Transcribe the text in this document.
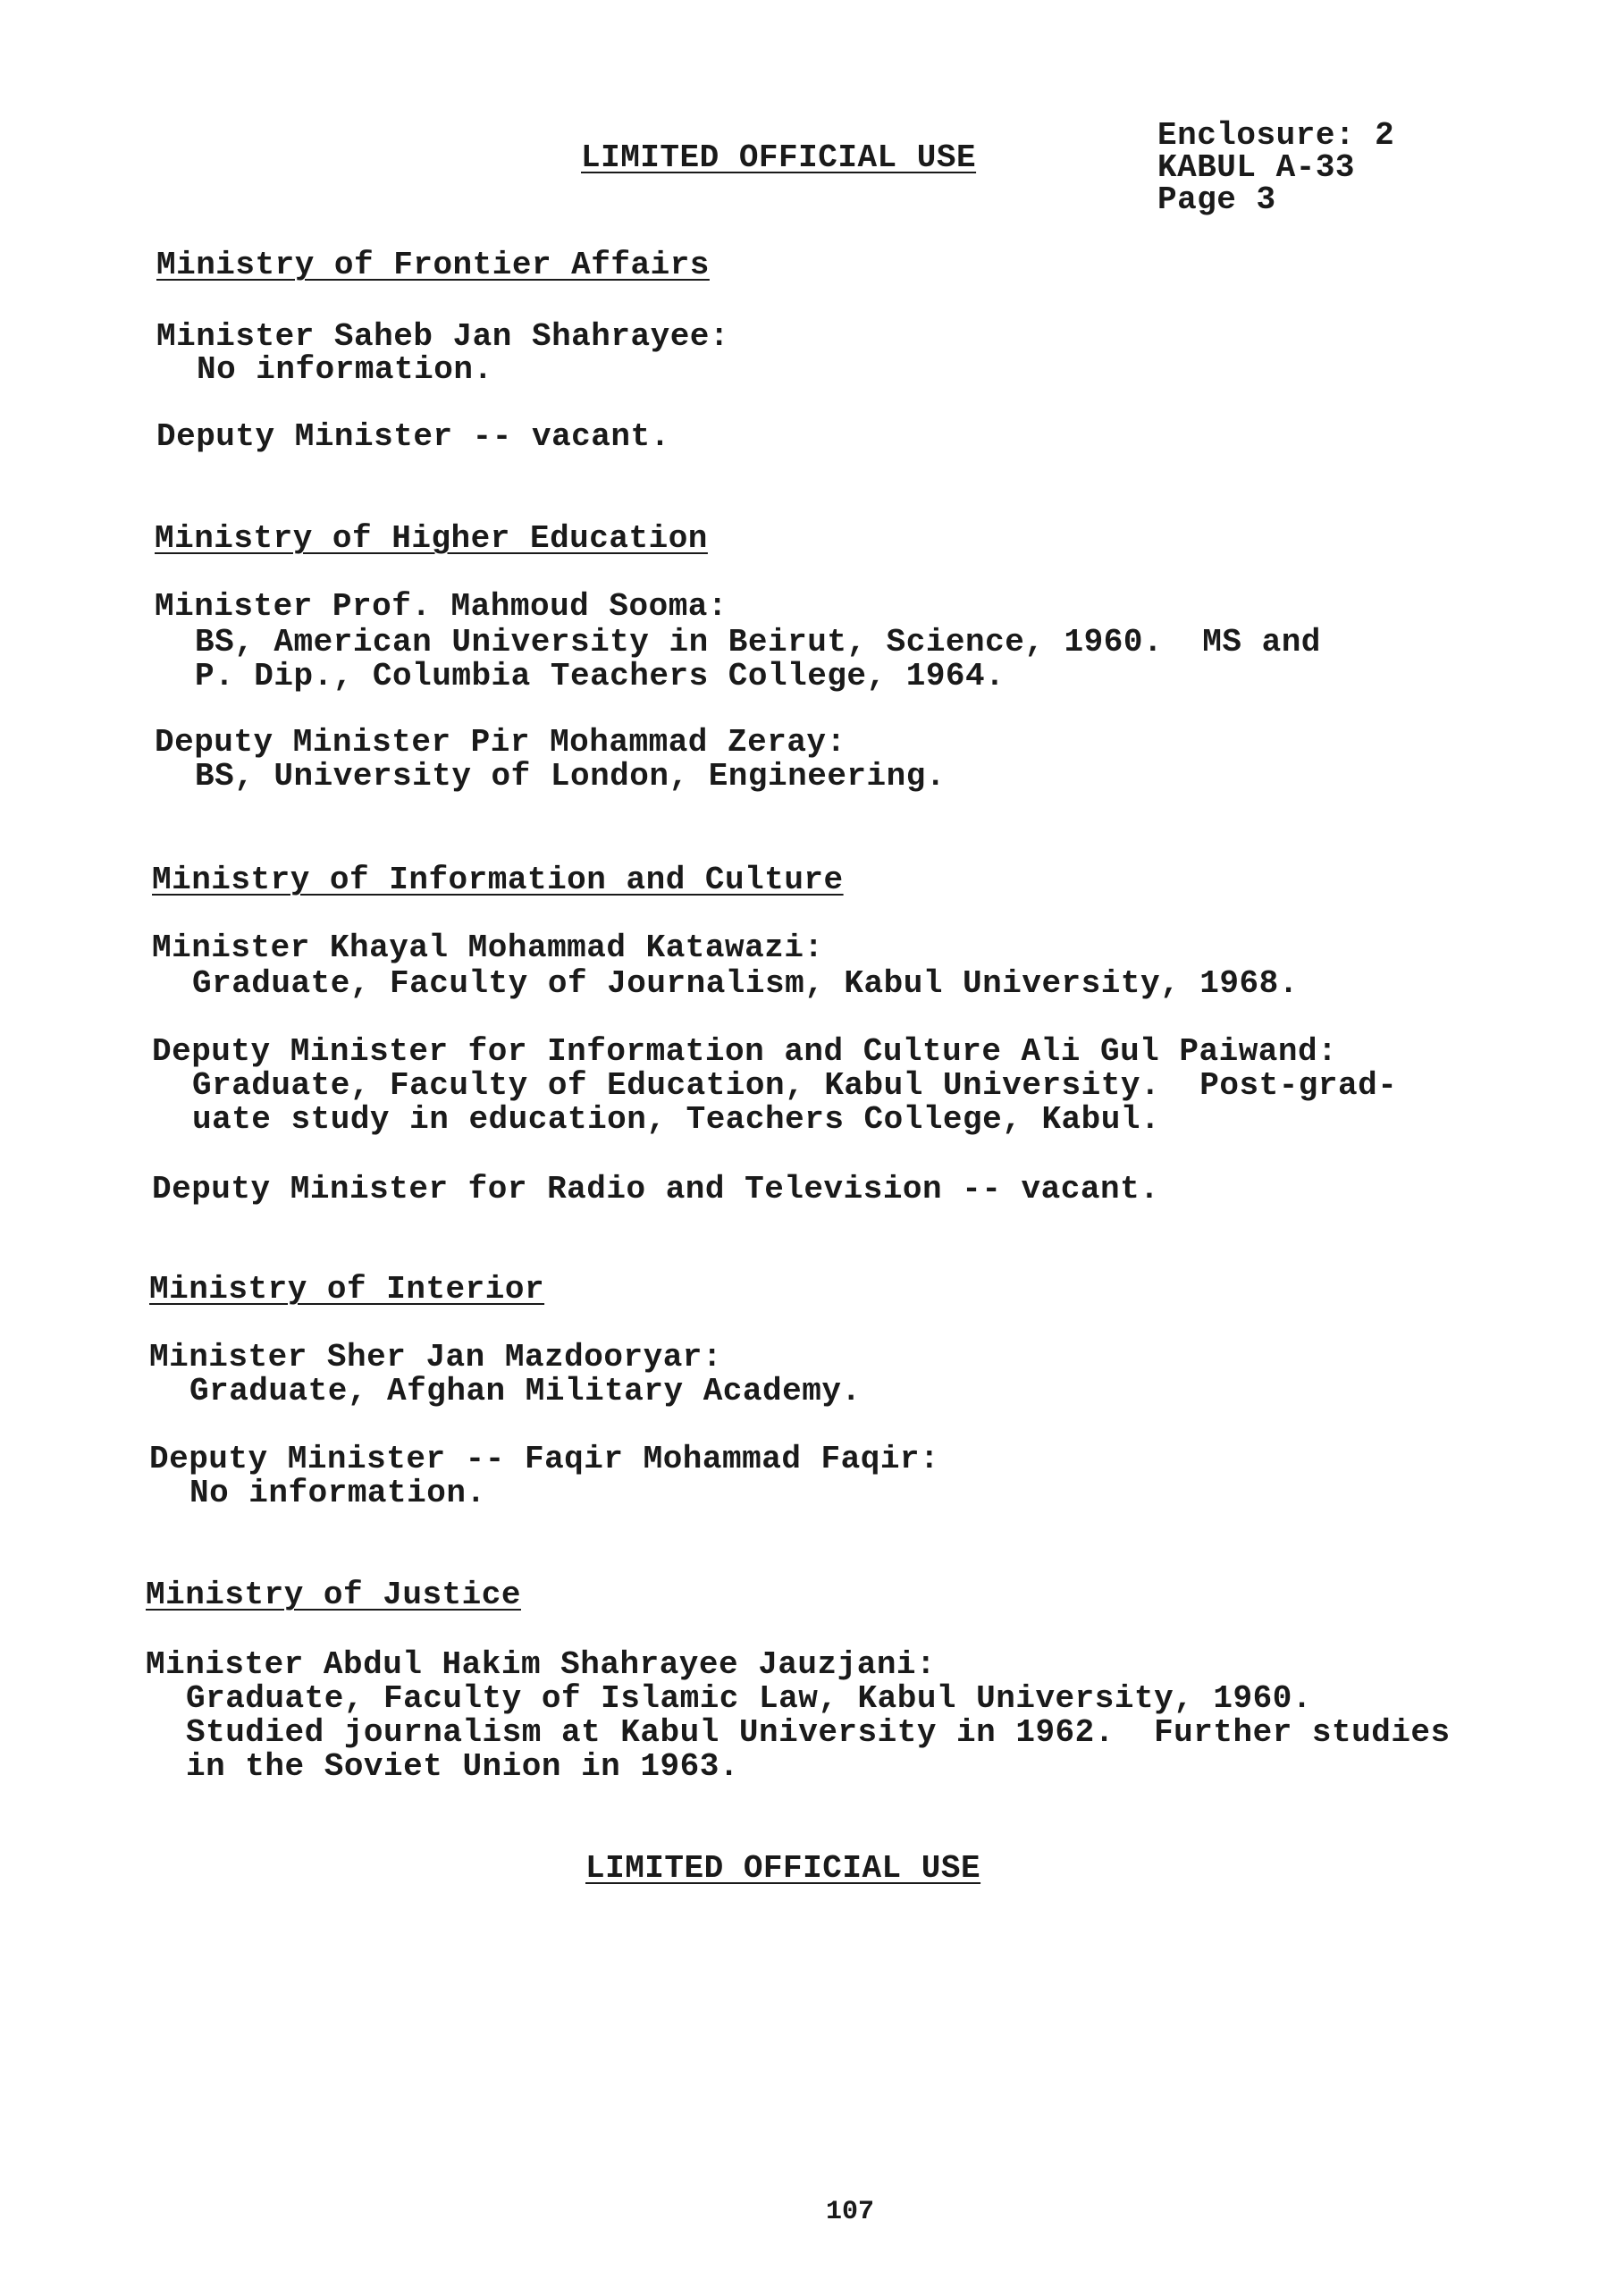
LIMITED OFFICIAL USE
Enclosure: 2
KABUL A-33
Page 3
Ministry of Frontier Affairs
Minister Saheb Jan Shahrayee:
No information.
Deputy Minister -- vacant.
Ministry of Higher Education
Minister Prof. Mahmoud Sooma:
BS, American University in Beirut, Science, 1960.  MS and
P. Dip., Columbia Teachers College, 1964.
Deputy Minister Pir Mohammad Zeray:
BS, University of London, Engineering.
Ministry of Information and Culture
Minister Khayal Mohammad Katawazi:
Graduate, Faculty of Journalism, Kabul University, 1968.
Deputy Minister for Information and Culture Ali Gul Paiwand:
Graduate, Faculty of Education, Kabul University.  Post-grad-
uate study in education, Teachers College, Kabul.
Deputy Minister for Radio and Television -- vacant.
Ministry of Interior
Minister Sher Jan Mazdooryar:
Graduate, Afghan Military Academy.
Deputy Minister -- Faqir Mohammad Faqir:
No information.
Ministry of Justice
Minister Abdul Hakim Shahrayee Jauzjani:
Graduate, Faculty of Islamic Law, Kabul University, 1960.
Studied journalism at Kabul University in 1962.  Further studies
in the Soviet Union in 1963.
LIMITED OFFICIAL USE
107
